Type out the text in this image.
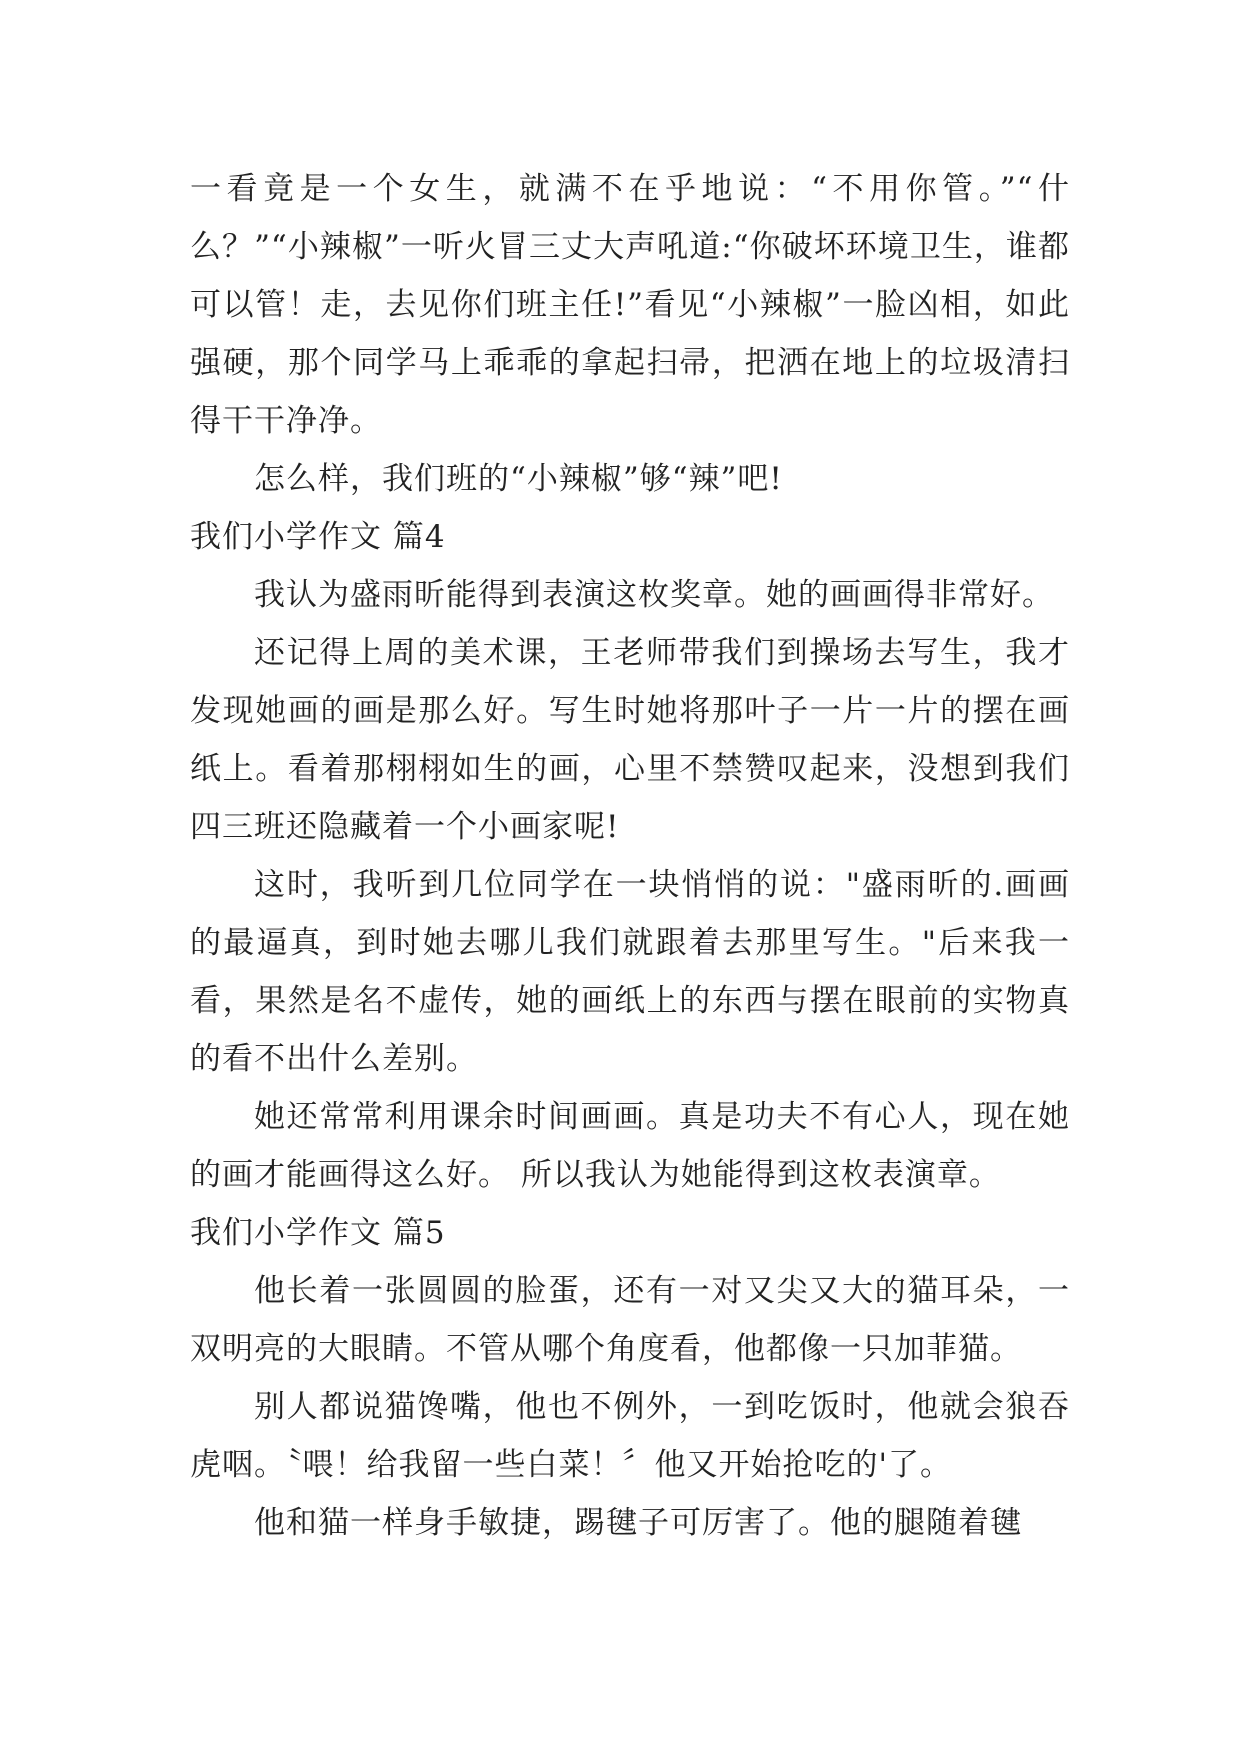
一看竟是一个女生，就满不在乎地说：“不用你管。”“什么？”“小辣椒”一听火冒三丈大声吼道:“你破坏环境卫生，谁都可以管！走，去见你们班主任!”看见“小辣椒”一脸凶相，如此强硬，那个同学马上乖乖的拿起扫帚，把洒在地上的垃圾清扫得干干净净。

怎么样，我们班的“小辣椒”够“辣”吧!

我们小学作文 篇4

我认为盛雨昕能得到表演这枚奖章。她的画画得非常好。

还记得上周的美术课，王老师带我们到操场去写生，我才发现她画的画是那么好。写生时她将那叶子一片一片的摆在画纸上。看着那栩栩如生的画，心里不禁赞叹起来，没想到我们四三班还隐藏着一个小画家呢!

这时，我听到几位同学在一块悄悄的说："盛雨昕的.画画的最逼真，到时她去哪儿我们就跟着去那里写生。"后来我一看，果然是名不虚传，她的画纸上的东西与摆在眼前的实物真的看不出什么差别。

她还常常利用课余时间画画。真是功夫不有心人，现在她的画才能画得这么好。 所以我认为她能得到这枚表演章。

我们小学作文 篇5

他长着一张圆圆的脸蛋，还有一对又尖又大的猫耳朵，一双明亮的大眼睛。不管从哪个角度看，他都像一只加菲猫。

别人都说猫馋嘴，他也不例外，一到吃饭时，他就会狼吞虎咽。〝喂！给我留一些白菜！〞他又开始抢吃的'了。

他和猫一样身手敏捷，踢毽子可厉害了。他的腿随着毽
